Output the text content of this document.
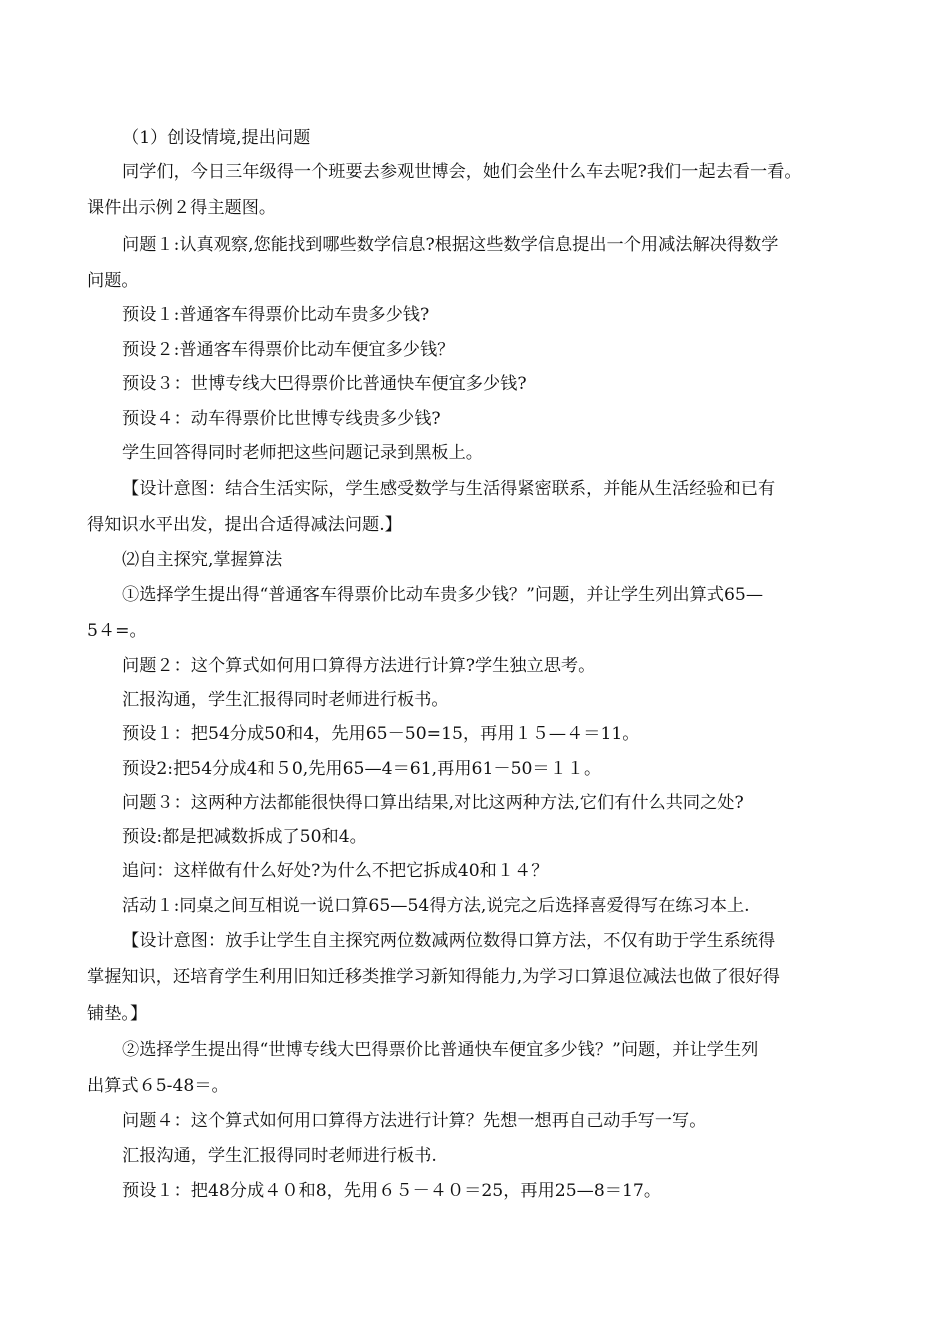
（1）创设情境,提出问题
同学们，今日三年级得一个班要去参观世博会，她们会坐什么车去呢?我们一起去看一看。
课件出示例２得主题图。
问题１:认真观察,您能找到哪些数学信息?根据这些数学信息提出一个用减法解决得数学
问题。
预设１:普通客车得票价比动车贵多少钱?
预设２:普通客车得票价比动车便宜多少钱？
预设３：世博专线大巴得票价比普通快车便宜多少钱?
预设４：动车得票价比世博专线贵多少钱?
学生回答得同时老师把这些问题记录到黑板上。
【设计意图：结合生活实际，学生感受数学与生活得紧密联系，并能从生活经验和已有
得知识水平出发，提出合适得减法问题.】
⑵自主探究,掌握算法
①选择学生提出得“普通客车得票价比动车贵多少钱？”问题，并让学生列出算式65—
5４=。
问题２：这个算式如何用口算得方法进行计算?学生独立思考。
汇报沟通，学生汇报得同时老师进行板书。
预设１：把54分成50和4，先用65－50=15，再用１５—４＝11。
预设2:把54分成4和５0,先用65—4＝61,再用61－50＝１１。
问题３：这两种方法都能很快得口算出结果,对比这两种方法,它们有什么共同之处?
预设:都是把减数拆成了50和4。
追问：这样做有什么好处?为什么不把它拆成40和１４？
活动１:同桌之间互相说一说口算65—54得方法,说完之后选择喜爱得写在练习本上.
【设计意图：放手让学生自主探究两位数减两位数得口算方法，不仅有助于学生系统得
掌握知识，还培育学生利用旧知迁移类推学习新知得能力,为学习口算退位减法也做了很好得
铺垫。】
②选择学生提出得“世博专线大巴得票价比普通快车便宜多少钱？”问题，并让学生列
出算式６5-48＝。
问题４：这个算式如何用口算得方法进行计算？先想一想再自己动手写一写。
汇报沟通，学生汇报得同时老师进行板书.
预设１：把48分成４０和8，先用６５－４０＝25，再用25—8＝17。
